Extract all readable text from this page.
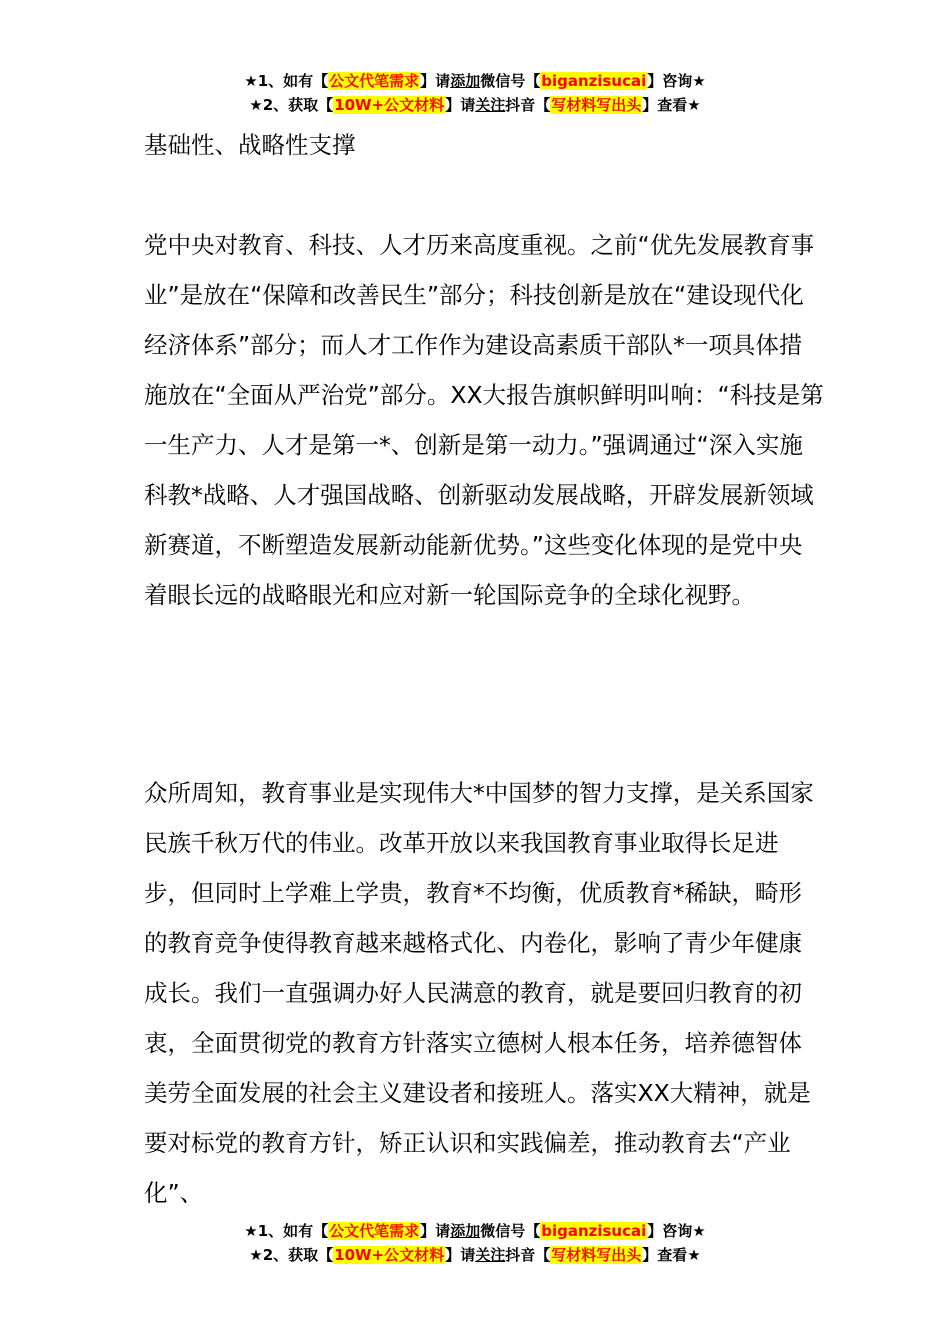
★1、如有【公文代笔需求】请添加微信号【biganzisucai】咨询★
★2、获取【10W+公文材料】请关注抖音【写材料写出头】查看★

基础性、战略性支撑

党中央对教育、科技、人才历来高度重视。之前“优先发展教育事业”是放在“保障和改善民生”部分；科技创新是放在“建设现代化经济体系”部分；而人才工作作为建设高素质干部队*一项具体措施放在“全面从严治党”部分。XX大报告旗帜鲜明叫响：“科技是第一生产力、人才是第一*、创新是第一动力。”强调通过“深入实施科教*战略、人才强国战略、创新驱动发展战略，开辟发展新领域新赛道，不断塑造发展新动能新优势。”这些变化体现的是党中央着眼长远的战略眼光和应对新一轮国际竞争的全球化视野。

众所周知，教育事业是实现伟大*中国梦的智力支撑，是关系国家民族千秋万代的伟业。改革开放以来我国教育事业取得长足进步，但同时上学难上学贵，教育*不均衡，优质教育*稀缺，畸形的教育竞争使得教育越来越格式化、内卷化，影响了青少年健康成长。我们一直强调办好人民满意的教育，就是要回归教育的初衷，全面贯彻党的教育方针落实立德树人根本任务，培养德智体美劳全面发展的社会主义建设者和接班人。落实XX大精神，就是要对标党的教育方针，矫正认识和实践偏差，推动教育去“产业化”、

★1、如有【公文代笔需求】请添加微信号【biganzisucai】咨询★
★2、获取【10W+公文材料】请关注抖音【写材料写出头】查看★
